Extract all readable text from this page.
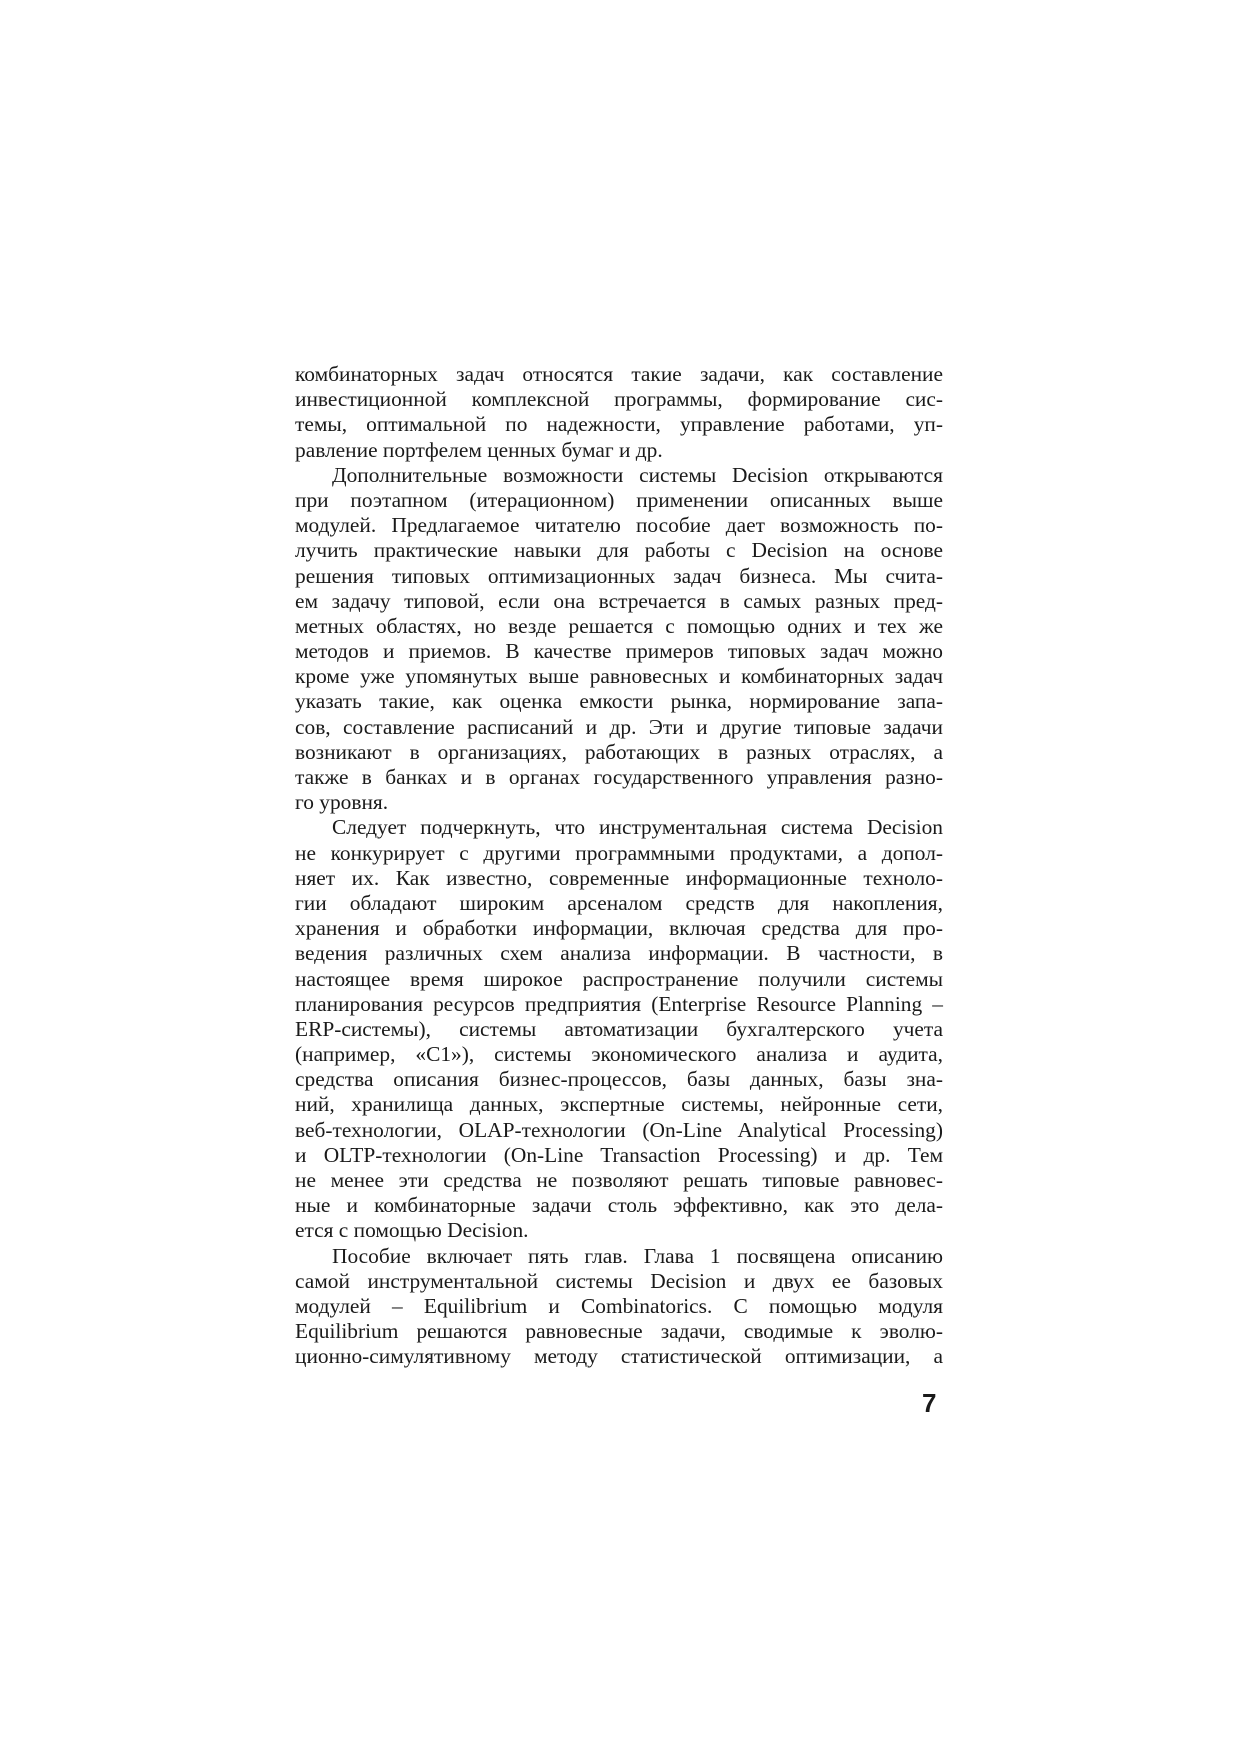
комбинаторных задач относятся такие задачи, как составление
инвестиционной комплексной программы, формирование сис-
темы, оптимальной по надежности, управление работами, уп-
равление портфелем ценных бумаг и др.
Дополнительные возможности системы Decision открываются
при поэтапном (итерационном) применении описанных выше
модулей. Предлагаемое читателю пособие дает возможность по-
лучить практические навыки для работы с Decision на основе
решения типовых оптимизационных задач бизнеса. Мы счита-
ем задачу типовой, если она встречается в самых разных пред-
метных областях, но везде решается с помощью одних и тех же
методов и приемов. В качестве примеров типовых задач можно
кроме уже упомянутых выше равновесных и комбинаторных задач
указать такие, как оценка емкости рынка, нормирование запа-
сов, составление расписаний и др. Эти и другие типовые задачи
возникают в организациях, работающих в разных отраслях, а
также в банках и в органах государственного управления разно-
го уровня.
Следует подчеркнуть, что инструментальная система Decision
не конкурирует с другими программными продуктами, а допол-
няет их. Как известно, современные информационные техноло-
гии обладают широким арсеналом средств для накопления,
хранения и обработки информации, включая средства для про-
ведения различных схем анализа информации. В частности, в
настоящее время широкое распространение получили системы
планирования ресурсов предприятия (Enterprise Resource Planning –
ERP-системы), системы автоматизации бухгалтерского учета
(например, «С1»), системы экономического анализа и аудита,
средства описания бизнес-процессов, базы данных, базы зна-
ний, хранилища данных, экспертные системы, нейронные сети,
веб-технологии, OLAP-технологии (On-Line Analytical Processing)
и OLTP-технологии (On-Line Transaction Processing) и др. Тем
не менее эти средства не позволяют решать типовые равновес-
ные и комбинаторные задачи столь эффективно, как это дела-
ется с помощью Decision.
Пособие включает пять глав. Глава 1 посвящена описанию
самой инструментальной системы Decision и двух ее базовых
модулей – Equilibrium и Combinatorics. С помощью модуля
Equilibrium решаются равновесные задачи, сводимые к эволю-
ционно-симулятивному методу статистической оптимизации, а
7
